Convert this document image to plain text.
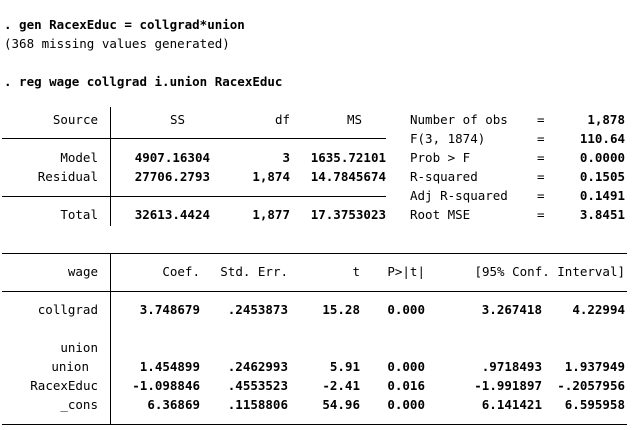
. gen RacexEduc = collgrad*union
(368 missing values generated)
. reg wage collgrad i.union RacexEduc
Source	SS	df	MS
Model	4907.16304	3	1635.72101
Residual	27706.2793	1,874	14.7845674
Total	32613.4424	1,877	17.3753023
Number of obs =	1,878
F(3, 1874)	=	110.64
Prob > F	=	0.0000
R-squared	=	0.1505
Adj R-squared =	0.1491
Root MSE	=	3.8451
wage	Coef.	Std. Err.	t	P>|t|	[95% Conf. Interval]
collgrad	3.748679	.2453873	15.28	0.000	3.267418	4.22994
union
union	1.454899	.2462993	5.91	0.000	.9718493	1.937949
RacexEduc	-1.098846	.4553523	-2.41	0.016	-1.991897	-.2057956
_cons	6.36869	.1158806	54.96	0.000	6.141421	6.595958
